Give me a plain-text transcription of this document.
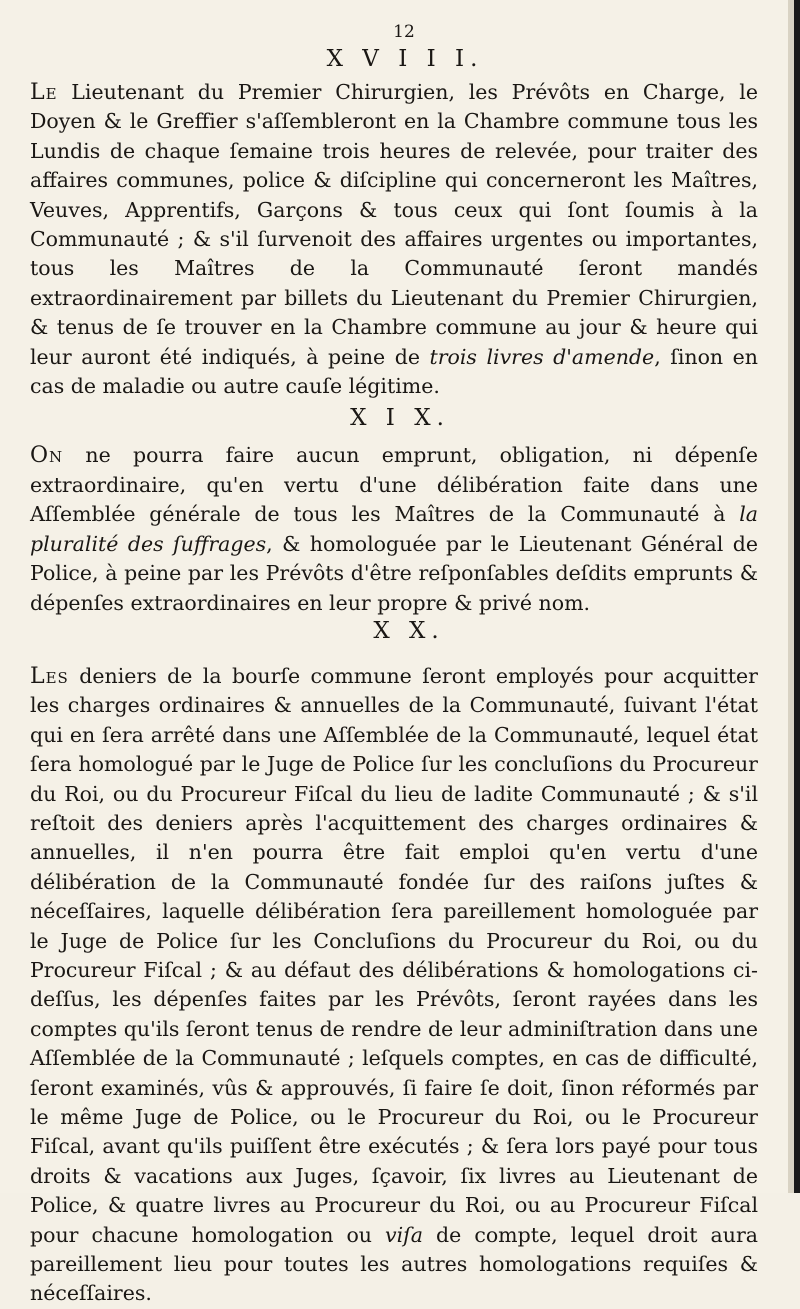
12
X V I I I.

Le Lieutenant du Premier Chirurgien, les Prévôts en Charge, le Doyen & le Greffier s'aſſembleront en la Chambre commune tous les Lundis de chaque ſemaine trois heures de relevée, pour traiter des affaires communes, police & diſcipline qui concerneront les Maîtres, Veuves, Apprentifs, Garçons & tous ceux qui ſont ſoumis à la Communauté ; & s'il ſurvenoit des affaires urgentes ou importantes, tous les Maîtres de la Communauté ſeront mandés extraordinairement par billets du Lieutenant du Premier Chirurgien, & tenus de ſe trouver en la Chambre commune au jour & heure qui leur auront été indiqués, à peine de trois livres d'amende, ſinon en cas de maladie ou autre cauſe légitime.

X I X.

On ne pourra faire aucun emprunt, obligation, ni dépenſe extraordinaire, qu'en vertu d'une délibération faite dans une Aſſemblée générale de tous les Maîtres de la Communauté à la pluralité des ſuffrages, & homologuée par le Lieutenant Général de Police, à peine par les Prévôts d'être reſponſables deſdits emprunts & dépenſes extraordinaires en leur propre & privé nom.

X X.

Les deniers de la bourſe commune ſeront employés pour acquitter les charges ordinaires & annuelles de la Communauté, ſuivant l'état qui en ſera arrêté dans une Aſſemblée de la Communauté, lequel état ſera homologué par le Juge de Police ſur les concluſions du Procureur du Roi, ou du Procureur Fiſcal du lieu de ladite Communauté ; & s'il reſtoit des deniers après l'acquittement des charges ordinaires & annuelles, il n'en pourra être fait emploi qu'en vertu d'une délibération de la Communauté fondée ſur des raiſons juſtes & néceſſaires, laquelle délibération ſera pareillement homologuée par le Juge de Police ſur les Concluſions du Procureur du Roi, ou du Procureur Fiſcal ; & au défaut des délibérations & homologations ci-deſſus, les dépenſes faites par les Prévôts, ſeront rayées dans les comptes qu'ils ſeront tenus de rendre de leur adminiſtration dans une Aſſemblée de la Communauté ; leſquels comptes, en cas de difficulté, ſeront examinés, vûs & approuvés, ſi faire ſe doit, ſinon réformés par le même Juge de Police, ou le Procureur du Roi, ou le Procureur Fiſcal, avant qu'ils puiſſent être exécutés ; & ſera lors payé pour tous droits & vacations aux Juges, ſçavoir, ſix livres au Lieutenant de Police, & quatre livres au Procureur du Roi, ou au Procureur Fiſcal pour chacune homologation ou viſa de compte, lequel droit aura pareillement lieu pour toutes les autres homologations requiſes & néceſſaires.
